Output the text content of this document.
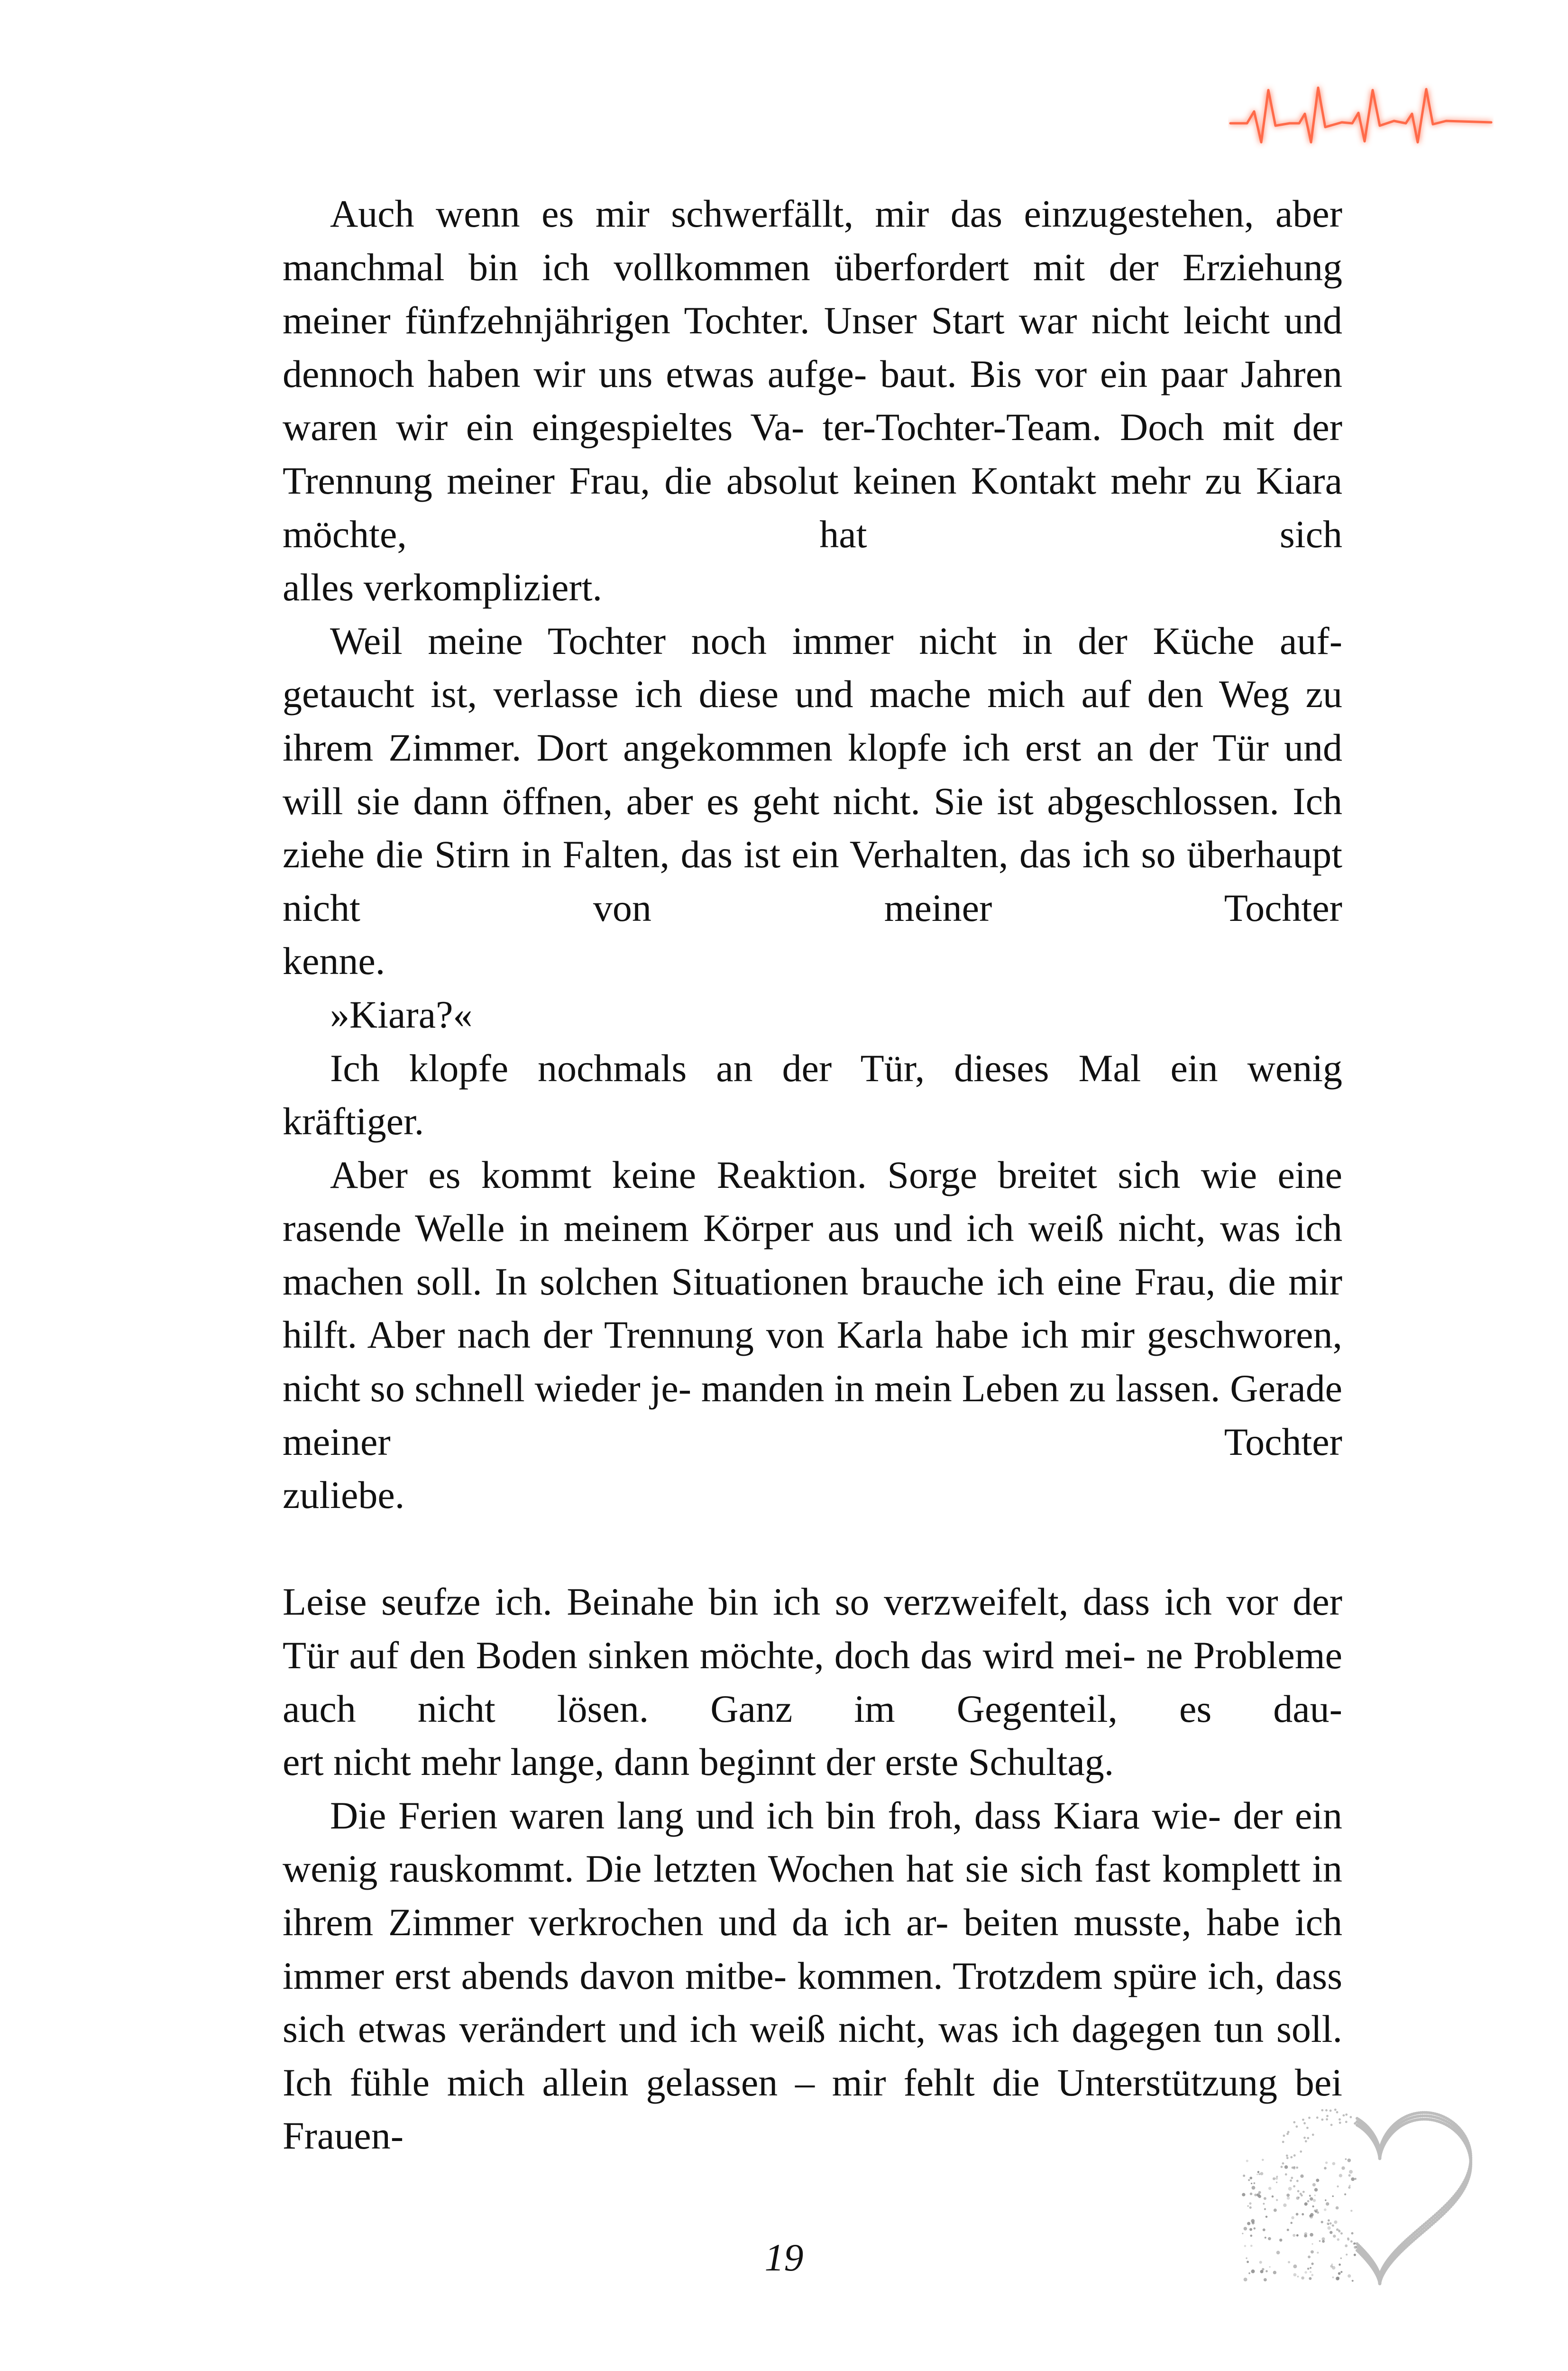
Auch wenn es mir schwerfällt, mir das einzugestehen, aber manchmal bin ich vollkommen überfordert mit der Erziehung meiner fünfzehnjährigen Tochter. Unser Start war nicht leicht und dennoch haben wir uns etwas aufge- baut. Bis vor ein paar Jahren waren wir ein eingespieltes Va- ter-Tochter-Team. Doch mit der Trennung meiner Frau, die absolut keinen Kontakt mehr zu Kiara möchte, hat sich

alles verkompliziert.

Weil meine Tochter noch immer nicht in der Küche auf- getaucht ist, verlasse ich diese und mache mich auf den Weg zu ihrem Zimmer. Dort angekommen klopfe ich erst an der Tür und will sie dann öffnen, aber es geht nicht. Sie ist abgeschlossen. Ich ziehe die Stirn in Falten, das ist ein Verhalten, das ich so überhaupt nicht von meiner Tochter

kenne.

»Kiara?«

Ich klopfe nochmals an der Tür, dieses Mal ein wenig

kräftiger.

Aber es kommt keine Reaktion. Sorge breitet sich wie eine rasende Welle in meinem Körper aus und ich weiß nicht, was ich machen soll. In solchen Situationen brauche ich eine Frau, die mir hilft. Aber nach der Trennung von Karla habe ich mir geschworen, nicht so schnell wieder je- manden in mein Leben zu lassen. Gerade meiner Tochter

zuliebe.

Leise seufze ich. Beinahe bin ich so verzweifelt, dass ich vor der Tür auf den Boden sinken möchte, doch das wird mei- ne Probleme auch nicht lösen. Ganz im Gegenteil, es dau-

ert nicht mehr lange, dann beginnt der erste Schultag.

Die Ferien waren lang und ich bin froh, dass Kiara wie- der ein wenig rauskommt. Die letzten Wochen hat sie sich fast komplett in ihrem Zimmer verkrochen und da ich ar- beiten musste, habe ich immer erst abends davon mitbe- kommen. Trotzdem spüre ich, dass sich etwas verändert und ich weiß nicht, was ich dagegen tun soll. Ich fühle mich allein gelassen – mir fehlt die Unterstützung bei Frauen-

19
